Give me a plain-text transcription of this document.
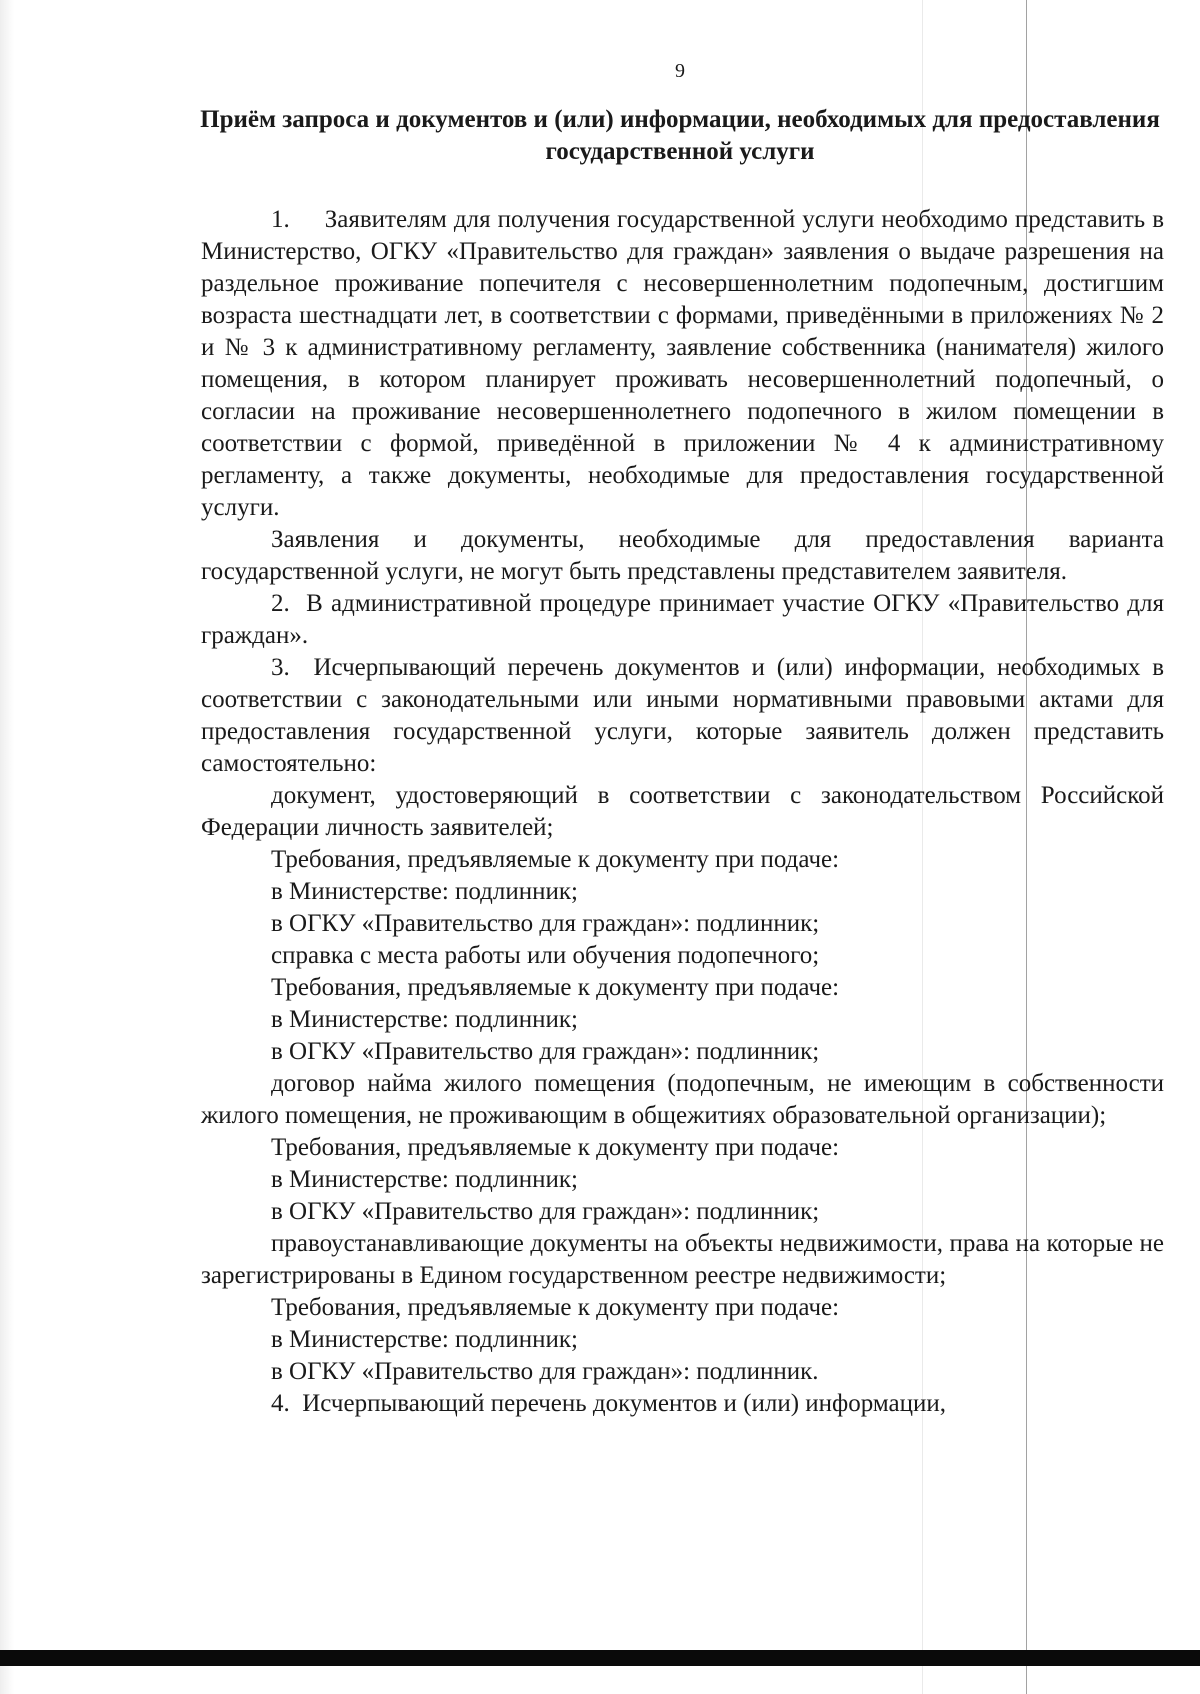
9
Приём запроса и документов и (или) информации, необходимых для предоставления государственной услуги

1.     Заявителям для получения государственной услуги необходимо представить в Министерство, ОГКУ «Правительство для граждан» заявления о выдаче разрешения на раздельное проживание попечителя с несовершеннолетним подопечным, достигшим возраста шестнадцати лет, в соответствии с формами, приведёнными в приложениях № 2 и № 3 к административному регламенту, заявление собственника (нанимателя) жилого помещения, в котором планирует проживать несовершеннолетний подопечный, о согласии на проживание несовершеннолетнего подопечного в жилом помещении в соответствии с формой, приведённой в приложении № 4 к административному регламенту, а также документы, необходимые для предоставления государственной услуги.

Заявления и документы, необходимые для предоставления варианта государственной услуги, не могут быть представлены представителем заявителя.

2.  В административной процедуре принимает участие ОГКУ «Правительство для граждан».

3.  Исчерпывающий перечень документов и (или) информации, необходимых в соответствии с законодательными или иными нормативными правовыми актами для предоставления государственной услуги, которые заявитель должен представить самостоятельно:

документ, удостоверяющий в соответствии с законодательством Российской Федерации личность заявителей;

Требования, предъявляемые к документу при подаче:

в Министерстве: подлинник;

в ОГКУ «Правительство для граждан»: подлинник;

справка с места работы или обучения подопечного;

Требования, предъявляемые к документу при подаче:

в Министерстве: подлинник;

в ОГКУ «Правительство для граждан»: подлинник;

договор найма жилого помещения (подопечным, не имеющим в собственности жилого помещения, не проживающим в общежитиях образовательной организации);

Требования, предъявляемые к документу при подаче:

в Министерстве: подлинник;

в ОГКУ «Правительство для граждан»: подлинник;

правоустанавливающие документы на объекты недвижимости, права на которые не зарегистрированы в Едином государственном реестре недвижимости;

Требования, предъявляемые к документу при подаче:

в Министерстве: подлинник;

в ОГКУ «Правительство для граждан»: подлинник.

4.  Исчерпывающий перечень документов и (или) информации,
